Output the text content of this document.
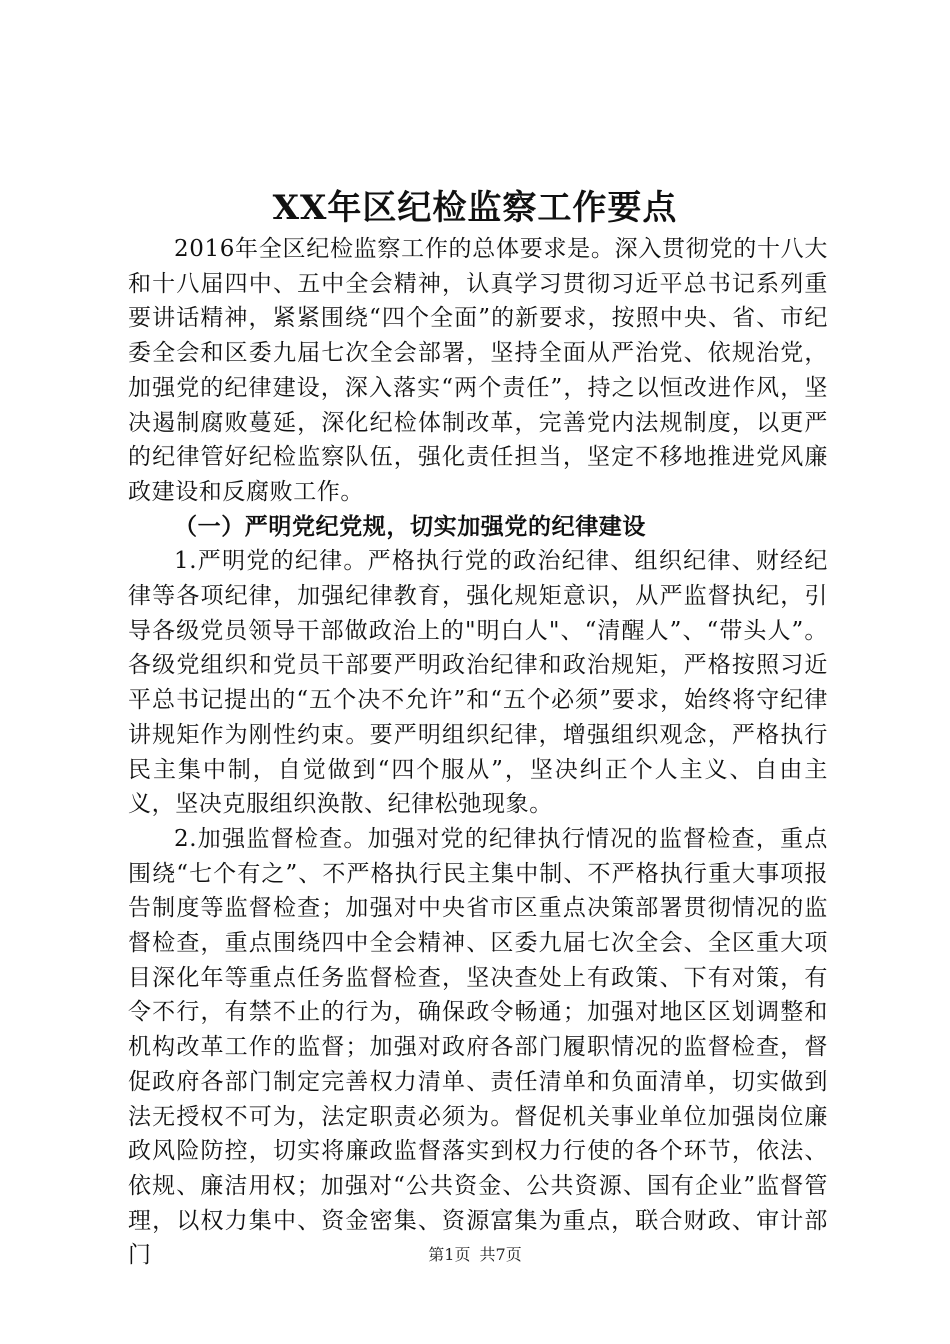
XX年区纪检监察工作要点

2016年全区纪检监察工作的总体要求是。深入贯彻党的十八大和十八届四中、五中全会精神，认真学习贯彻习近平总书记系列重要讲话精神，紧紧围绕“四个全面”的新要求，按照中央、省、市纪委全会和区委九届七次全会部署，坚持全面从严治党、依规治党，加强党的纪律建设，深入落实“两个责任”，持之以恒改进作风，坚决遏制腐败蔓延，深化纪检体制改革，完善党内法规制度，以更严的纪律管好纪检监察队伍，强化责任担当，坚定不移地推进党风廉政建设和反腐败工作。

（一）严明党纪党规，切实加强党的纪律建设

1.严明党的纪律。严格执行党的政治纪律、组织纪律、财经纪律等各项纪律，加强纪律教育，强化规矩意识，从严监督执纪，引导各级党员领导干部做政治上的"明白人"、“清醒人”、“带头人”。各级党组织和党员干部要严明政治纪律和政治规矩，严格按照习近平总书记提出的“五个决不允许”和“五个必须”要求，始终将守纪律讲规矩作为刚性约束。要严明组织纪律，增强组织观念，严格执行民主集中制，自觉做到“四个服从”，坚决纠正个人主义、自由主义，坚决克服组织涣散、纪律松弛现象。

2.加强监督检查。加强对党的纪律执行情况的监督检查，重点围绕“七个有之”、不严格执行民主集中制、不严格执行重大事项报告制度等监督检查；加强对中央省市区重点决策部署贯彻情况的监督检查，重点围绕四中全会精神、区委九届七次全会、全区重大项目深化年等重点任务监督检查，坚决查处上有政策、下有对策，有令不行，有禁不止的行为，确保政令畅通；加强对地区区划调整和机构改革工作的监督；加强对政府各部门履职情况的监督检查，督促政府各部门制定完善权力清单、责任清单和负面清单，切实做到法无授权不可为，法定职责必须为。督促机关事业单位加强岗位廉政风险防控，切实将廉政监督落实到权力行使的各个环节，依法、依规、廉洁用权；加强对“公共资金、公共资源、国有企业”监督管理，以权力集中、资金密集、资源富集为重点，联合财政、审计部门	第1页 共7页
